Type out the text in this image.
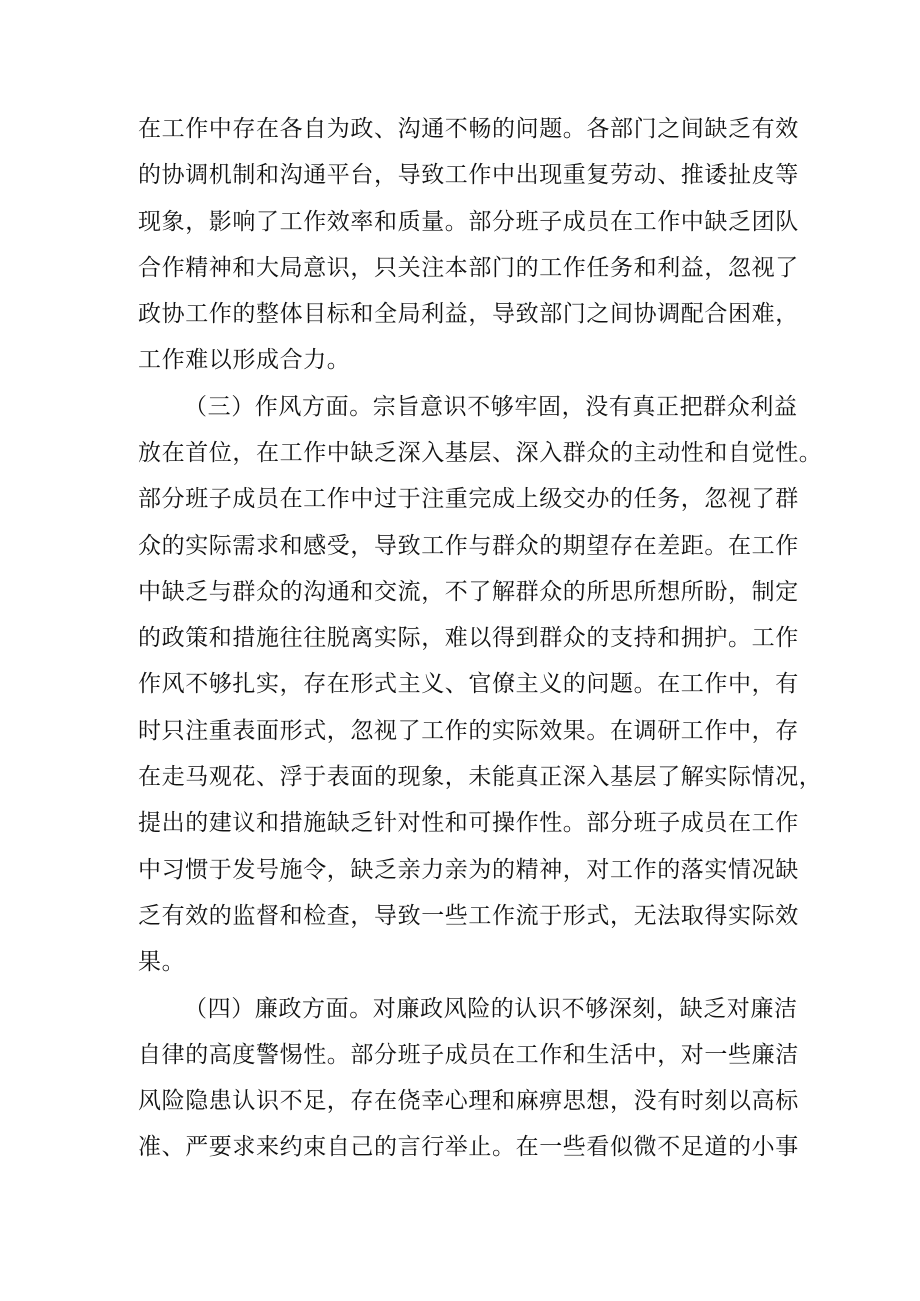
在工作中存在各自为政、沟通不畅的问题。各部门之间缺乏有效
的协调机制和沟通平台，导致工作中出现重复劳动、推诿扯皮等
现象，影响了工作效率和质量。部分班子成员在工作中缺乏团队
合作精神和大局意识，只关注本部门的工作任务和利益，忽视了
政协工作的整体目标和全局利益，导致部门之间协调配合困难，
工作难以形成合力。
（三）作风方面。宗旨意识不够牢固，没有真正把群众利益
放在首位，在工作中缺乏深入基层、深入群众的主动性和自觉性。
部分班子成员在工作中过于注重完成上级交办的任务，忽视了群
众的实际需求和感受，导致工作与群众的期望存在差距。在工作
中缺乏与群众的沟通和交流，不了解群众的所思所想所盼，制定
的政策和措施往往脱离实际，难以得到群众的支持和拥护。工作
作风不够扎实，存在形式主义、官僚主义的问题。在工作中，有
时只注重表面形式，忽视了工作的实际效果。在调研工作中，存
在走马观花、浮于表面的现象，未能真正深入基层了解实际情况，
提出的建议和措施缺乏针对性和可操作性。部分班子成员在工作
中习惯于发号施令，缺乏亲力亲为的精神，对工作的落实情况缺
乏有效的监督和检查，导致一些工作流于形式，无法取得实际效
果。
（四）廉政方面。对廉政风险的认识不够深刻，缺乏对廉洁
自律的高度警惕性。部分班子成员在工作和生活中，对一些廉洁
风险隐患认识不足，存在侥幸心理和麻痹思想，没有时刻以高标
准、严要求来约束自己的言行举止。在一些看似微不足道的小事
